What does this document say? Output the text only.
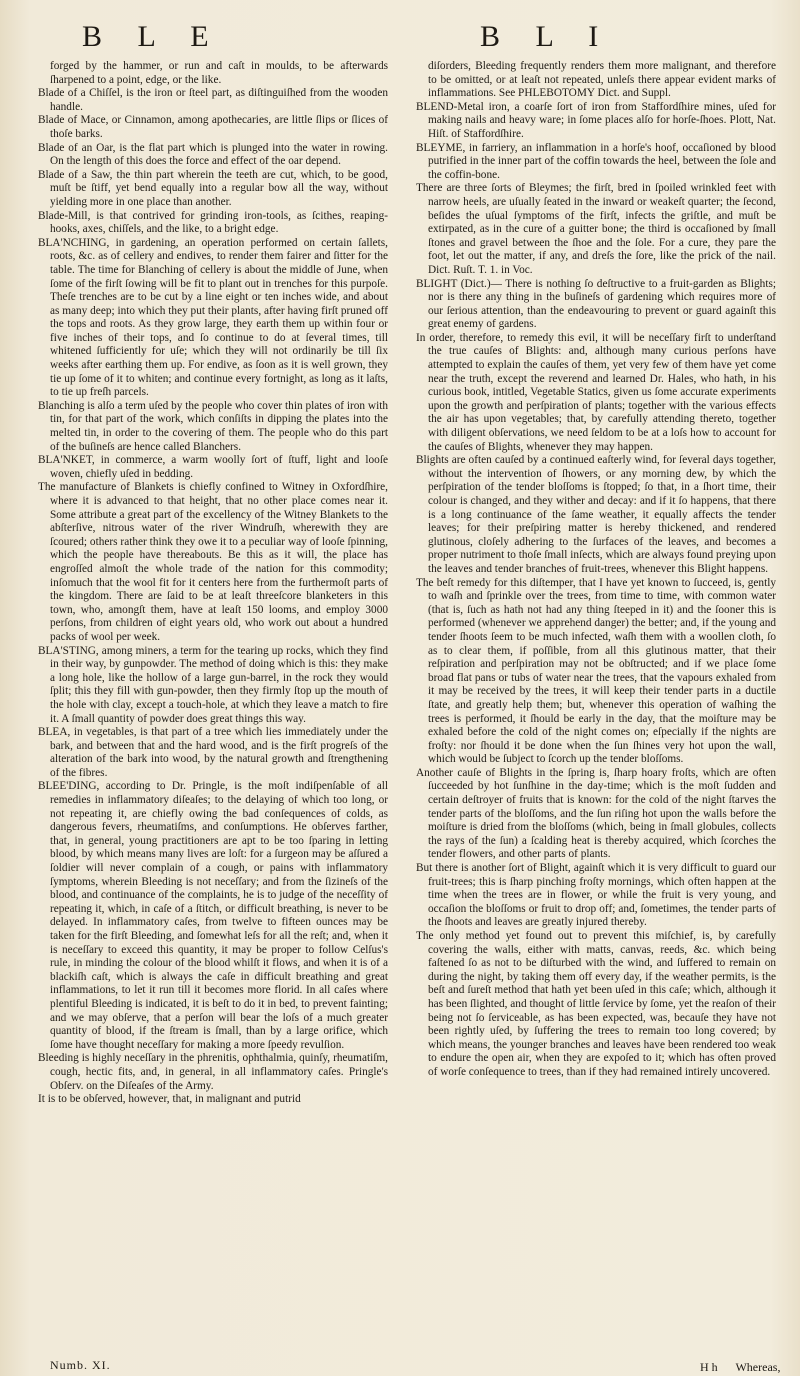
B L E	B L I

forged by the hammer, or run and caſt in moulds, to be afterwards ſharpened to a point, edge, or the like.

Blade of a Chiſſel, is the iron or ſteel part, as diſtinguiſhed from the wooden handle.

Blade of Mace, or Cinnamon, among apothecaries, are little ſlips or ſlices of thoſe barks.

Blade of an Oar, is the flat part which is plunged into the water in rowing. On the length of this does the force and effect of the oar depend.

Blade of a Saw, the thin part wherein the teeth are cut, which, to be good, muſt be ſtiff, yet bend equally into a regular bow all the way, without yielding more in one place than another.

Blade-Mill, is that contrived for grinding iron-tools, as ſcithes, reaping-hooks, axes, chiſſels, and the like, to a bright edge.

BLA'NCHING, in gardening, an operation performed on certain ſallets, roots, &c. as of cellery and endives, to render them fairer and ſitter for the table. The time for Blanching of cellery is about the middle of June, when ſome of the firſt ſowing will be fit to plant out in trenches for this purpoſe. Theſe trenches are to be cut by a line eight or ten inches wide, and about as many deep; into which they put their plants, after having firſt pruned off the tops and roots. As they grow large, they earth them up within four or five inches of their tops, and ſo continue to do at ſeveral times, till whitened ſufficiently for uſe; which they will not ordinarily be till ſix weeks after earthing them up. For endive, as ſoon as it is well grown, they tie up ſome of it to whiten; and continue every fortnight, as long as it laſts, to tie up freſh parcels.

Blanching is alſo a term uſed by the people who cover thin plates of iron with tin, for that part of the work, which conſiſts in dipping the plates into the melted tin, in order to the covering of them. The people who do this part of the buſineſs are hence called Blanchers.

BLA'NKET, in commerce, a warm woolly ſort of ſtuff, light and looſe woven, chiefly uſed in bedding.

The manufacture of Blankets is chiefly confined to Witney in Oxfordſhire, where it is advanced to that height, that no other place comes near it. Some attribute a great part of the excellency of the Witney Blankets to the abſterſive, nitrous water of the river Windruſh, wherewith they are ſcoured; others rather think they owe it to a peculiar way of looſe ſpinning, which the people have thereabouts. Be this as it will, the place has engroſſed almoſt the whole trade of the nation for this commodity; inſomuch that the wool fit for it centers here from the furthermoſt parts of the kingdom. There are ſaid to be at leaſt threeſcore blanketers in this town, who, amongſt them, have at leaſt 150 looms, and employ 3000 perſons, from children of eight years old, who work out about a hundred packs of wool per week.

BLA'STING, among miners, a term for the tearing up rocks, which they find in their way, by gunpowder. The method of doing which is this: they make a long hole, like the hollow of a large gun-barrel, in the rock they would ſplit; this they fill with gun-powder, then they firmly ſtop up the mouth of the hole with clay, except a touch-hole, at which they leave a match to fire it. A ſmall quantity of powder does great things this way.

BLEA, in vegetables, is that part of a tree which lies immediately under the bark, and between that and the hard wood, and is the firſt progreſs of the alteration of the bark into wood, by the natural growth and ſtrengthening of the fibres.

BLEE'DING, according to Dr. Pringle, is the moſt indiſpenſable of all remedies in inflammatory diſeaſes; to the delaying of which too long, or not repeating it, are chiefly owing the bad conſequences of colds, as dangerous fevers, rheumatiſms, and conſumptions. He obſerves farther, that, in general, young practitioners are apt to be too ſparing in letting blood, by which means many lives are loſt: for a ſurgeon may be aſſured a ſoldier will never complain of a cough, or pains with inflammatory ſymptoms, wherein Bleeding is not neceſſary; and from the ſizineſs of the blood, and continuance of the complaints, he is to judge of the neceſſity of repeating it, which, in caſe of a ſtitch, or difficult breathing, is never to be delayed. In inflammatory caſes, from twelve to fifteen ounces may be taken for the firſt Bleeding, and ſomewhat leſs for all the reſt; and, when it is neceſſary to exceed this quantity, it may be proper to follow Celſus's rule, in minding the colour of the blood whilſt it flows, and when it is of a blackiſh caſt, which is always the caſe in difficult breathing and great inflammations, to let it run till it becomes more florid. In all caſes where plentiful Bleeding is indicated, it is beſt to do it in bed, to prevent fainting; and we may obſerve, that a perſon will bear the loſs of a much greater quantity of blood, if the ſtream is ſmall, than by a large orifice, which ſome have thought neceſſary for making a more ſpeedy revulſion.

Bleeding is highly neceſſary in the phrenitis, ophthalmia, quinſy, rheumatiſm, cough, hectic fits, and, in general, in all inflammatory caſes. Pringle's Obſerv. on the Diſeaſes of the Army.

It is to be obſerved, however, that, in malignant and putrid

diſorders, Bleeding frequently renders them more malignant, and therefore to be omitted, or at leaſt not repeated, unleſs there appear evident marks of inflammations. See PHLEBOTOMY Dict. and Suppl.

BLEND-Metal iron, a coarſe ſort of iron from Staffordſhire mines, uſed for making nails and heavy ware; in ſome places alſo for horſe-ſhoes. Plott, Nat. Hiſt. of Staffordſhire.

BLEYME, in farriery, an inflammation in a horſe's hoof, occaſioned by blood putrified in the inner part of the coffin towards the heel, between the ſole and the coffin-bone.

There are three ſorts of Bleymes; the firſt, bred in ſpoiled wrinkled feet with narrow heels, are uſually ſeated in the inward or weakeſt quarter; the ſecond, beſides the uſual ſymptoms of the firſt, infects the griſtle, and muſt be extirpated, as in the cure of a guitter bone; the third is occaſioned by ſmall ſtones and gravel between the ſhoe and the ſole. For a cure, they pare the foot, let out the matter, if any, and dreſs the ſore, like the prick of the nail. Dict. Ruſt. T. 1. in Voc.

BLIGHT (Dict.)— There is nothing ſo deſtructive to a fruit-garden as Blights; nor is there any thing in the buſineſs of gardening which requires more of our ſerious attention, than the endeavouring to prevent or guard againſt this great enemy of gardens.

In order, therefore, to remedy this evil, it will be neceſſary firſt to underſtand the true cauſes of Blights: and, although many curious perſons have attempted to explain the cauſes of them, yet very few of them have yet come near the truth, except the reverend and learned Dr. Hales, who hath, in his curious book, intitled, Vegetable Statics, given us ſome accurate experiments upon the growth and perſpiration of plants; together with the various effects the air has upon vegetables; that, by carefully attending thereto, together with diligent obſervations, we need ſeldom to be at a loſs how to account for the cauſes of Blights, whenever they may happen.

Blights are often cauſed by a continued eaſterly wind, for ſeveral days together, without the intervention of ſhowers, or any morning dew, by which the perſpiration of the tender bloſſoms is ſtopped; ſo that, in a ſhort time, their colour is changed, and they wither and decay: and if it ſo happens, that there is a long continuance of the ſame weather, it equally affects the tender leaves; for their preſpiring matter is hereby thickened, and rendered glutinous, cloſely adhering to the ſurfaces of the leaves, and becomes a proper nutriment to thoſe ſmall inſects, which are always found preying upon the leaves and tender branches of fruit-trees, whenever this Blight happens.

The beſt remedy for this diſtemper, that I have yet known to ſucceed, is, gently to waſh and ſprinkle over the trees, from time to time, with common water (that is, ſuch as hath not had any thing ſteeped in it) and the ſooner this is performed (whenever we apprehend danger) the better; and, if the young and tender ſhoots ſeem to be much infected, waſh them with a woollen cloth, ſo as to clear them, if poſſible, from all this glutinous matter, that their reſpiration and perſpiration may not be obſtructed; and if we place ſome broad flat pans or tubs of water near the trees, that the vapours exhaled from it may be received by the trees, it will keep their tender parts in a ductile ſtate, and greatly help them; but, whenever this operation of waſhing the trees is performed, it ſhould be early in the day, that the moiſture may be exhaled before the cold of the night comes on; eſpecially if the nights are froſty: nor ſhould it be done when the ſun ſhines very hot upon the wall, which would be ſubject to ſcorch up the tender bloſſoms.

Another cauſe of Blights in the ſpring is, ſharp hoary froſts, which are often ſucceeded by hot ſunſhine in the day-time; which is the moſt ſudden and certain deſtroyer of fruits that is known: for the cold of the night ſtarves the tender parts of the bloſſoms, and the ſun riſing hot upon the walls before the moiſture is dried from the bloſſoms (which, being in ſmall globules, collects the rays of the ſun) a ſcalding heat is thereby acquired, which ſcorches the tender flowers, and other parts of plants.

But there is another ſort of Blight, againſt which it is very difficult to guard our fruit-trees; this is ſharp pinching froſty mornings, which often happen at the time when the trees are in flower, or while the fruit is very young, and occaſion the bloſſoms or fruit to drop off; and, ſometimes, the tender parts of the ſhoots and leaves are greatly injured thereby.

The only method yet found out to prevent this miſchief, is, by carefully covering the walls, either with matts, canvas, reeds, &c. which being faſtened ſo as not to be diſturbed with the wind, and ſuffered to remain on during the night, by taking them off every day, if the weather permits, is the beſt and ſureſt method that hath yet been uſed in this caſe; which, although it has been ſlighted, and thought of little ſervice by ſome, yet the reaſon of their being not ſo ſerviceable, as has been expected, was, becauſe they have not been rightly uſed, by ſuffering the trees to remain too long covered; by which means, the younger branches and leaves have been rendered too weak to endure the open air, when they are expoſed to it; which has often proved of worſe conſequence to trees, than if they had remained intirely uncovered.

Numb. XI.	H h Whereas,
